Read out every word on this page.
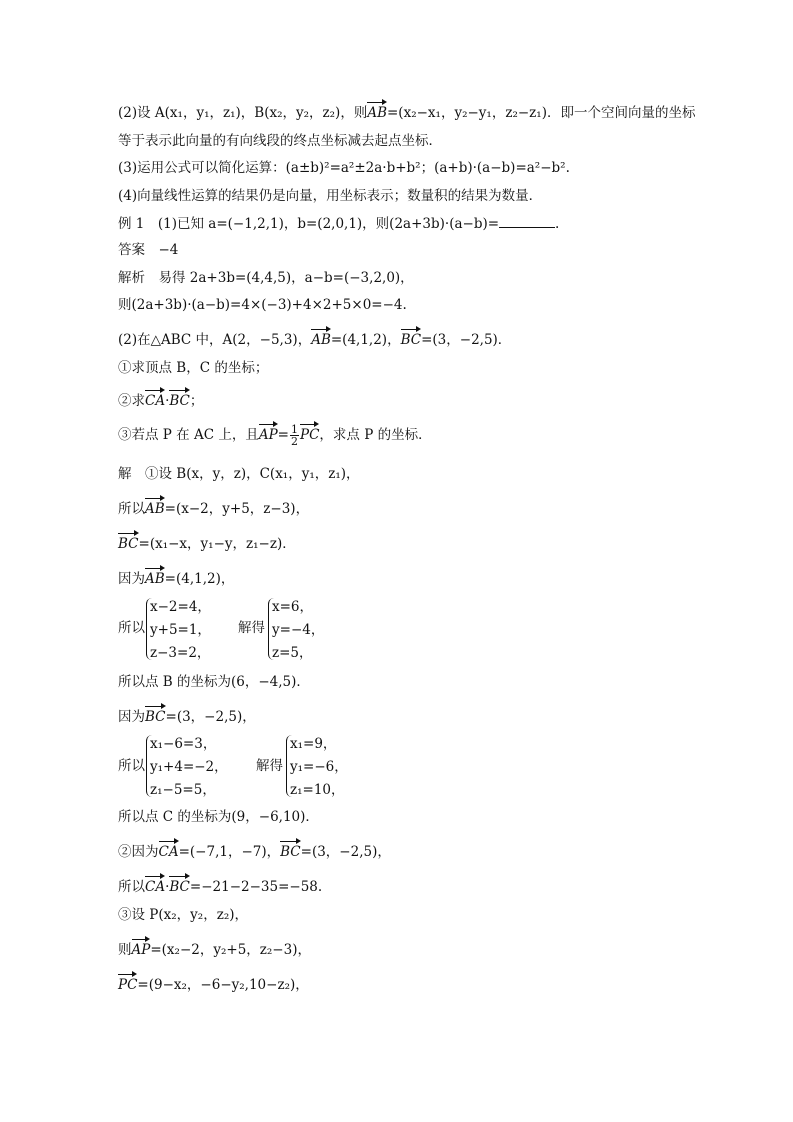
(2)设 A(x₁，y₁，z₁)，B(x₂，y₂，z₂)，则AB=(x₂−x₁，y₂−y₁，z₂−z₁)．即一个空间向量的坐标
等于表示此向量的有向线段的终点坐标减去起点坐标．
(3)运用公式可以简化运算：(a±b)²=a²±2a·b+b²；(a+b)·(a−b)=a²−b².
(4)向量线性运算的结果仍是向量，用坐标表示；数量积的结果为数量．
例 1　(1)已知 a=(−1,2,1)，b=(2,0,1)，则(2a+3b)·(a−b)=	.
答案　−4
解析　易得 2a+3b=(4,4,5)，a−b=(−3,2,0)，
则(2a+3b)·(a−b)=4×(−3)+4×2+5×0=−4.
(2)在△ABC 中，A(2，−5,3)，AB=(4,1,2)，BC=(3，−2,5)．
①求顶点 B，C 的坐标；
②求CA·BC；
③若点 P 在 AC 上，且$AP= \frac{1}{2}$ PC，求点 P 的坐标．
解　①设 B(x，y，z)，C(x₁，y₁，z₁)，
所以AB=(x−2，y+5，z−3)，
BC=(x₁−x，y₁−y，z₁−z)．
因为AB=(4,1,2)，
所以
x−2=4，
y+5=1，
z−3=2，
解得
x=6，
y=−4，
z=5，
所以点 B 的坐标为(6，−4,5)．
因为BC=(3，−2,5)，
所以
x₁−6=3，
y₁+4=−2，
z₁−5=5，
解得
x₁=9，
y₁=−6，
z₁=10，
所以点 C 的坐标为(9，−6,10)．
②因为CA=(−7,1，−7)，BC=(3，−2,5)，
所以CA·BC=−21−2−35=−58.
③设 P(x₂，y₂，z₂)，
则AP=(x₂−2，y₂+5，z₂−3)，
PC=(9−x₂，−6−y₂,10−z₂)，
